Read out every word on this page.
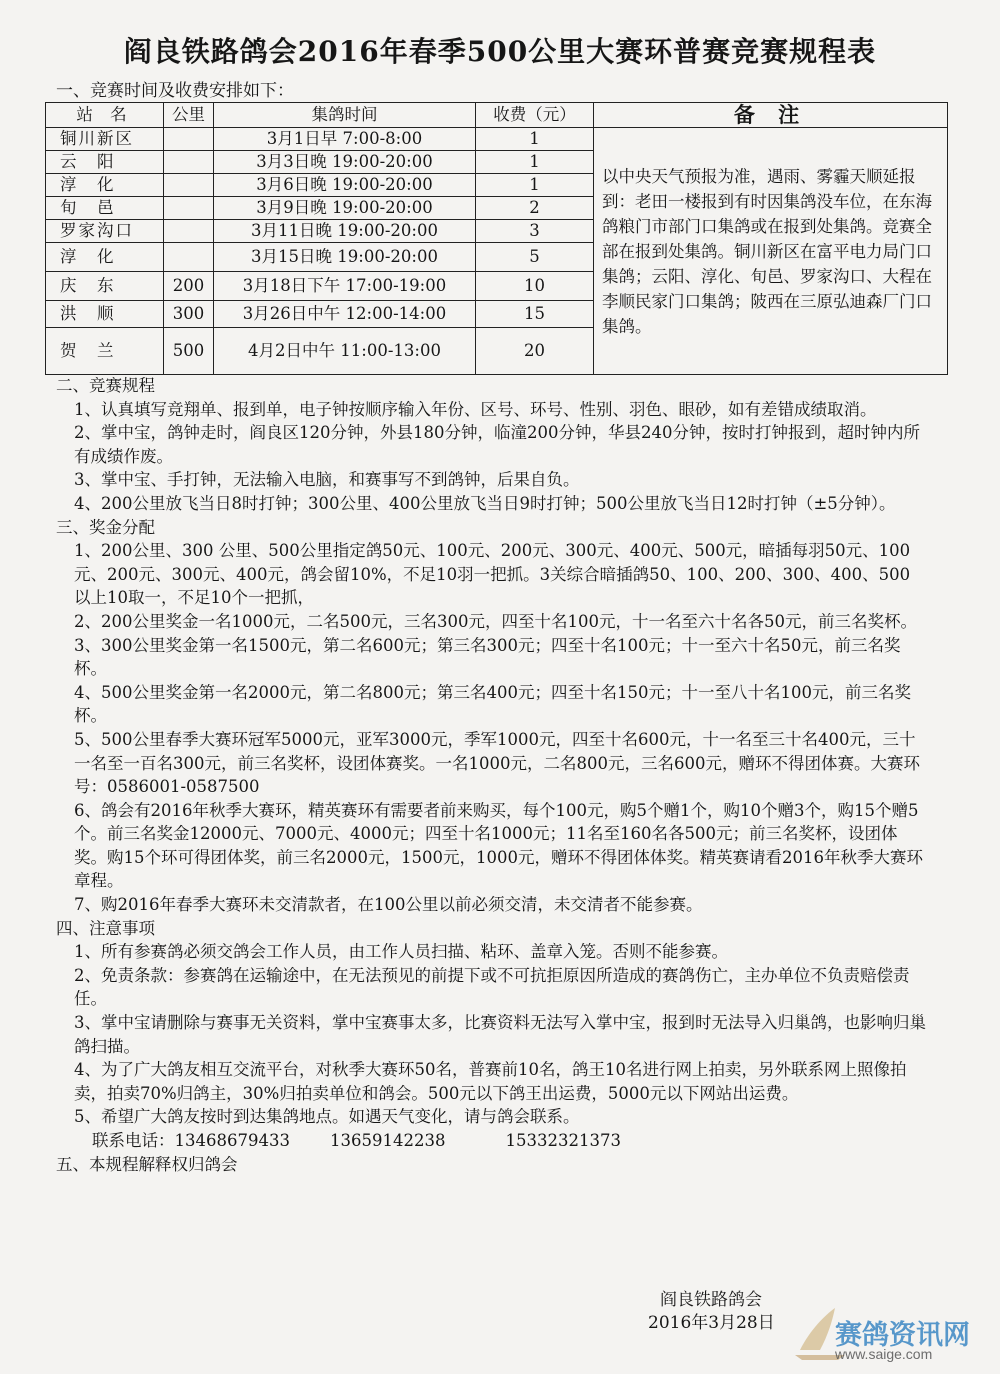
阎良铁路鸽会2016年春季500公里大赛环普赛竞赛规程表
一、竞赛时间及收费安排如下：
站 名	公里	集鸽时间	收费（元）	备 注
铜川新区		3月1日早 7:00-8:00	1	以中央天气预报为准，遇雨、雾霾天顺延报到：老田一楼报到有时因集鸽没车位，在东海鸽粮门市部门口集鸽或在报到处集鸽。竞赛全部在报到处集鸽。铜川新区在富平电力局门口集鸽；云阳、淳化、旬邑、罗家沟口、大程在李顺民家门口集鸽；陂西在三原弘迪森厂门口集鸽。
云　阳		3月3日晚 19:00-20:00	1	
淳　化		3月6日晚 19:00-20:00	1	
旬　邑		3月9日晚 19:00-20:00	2	
罗家沟口		3月11日晚 19:00-20:00	3	
淳　化		3月15日晚 19:00-20:00	5	
庆　东	200	3月18日下午 17:00-19:00	10	
洪　顺	300	3月26日中午 12:00-14:00	15	
贺　兰	500	4月2日中午 11:00-13:00	20	

二、竞赛规程

1、认真填写竞翔单、报到单，电子钟按顺序输入年份、区号、环号、性别、羽色、眼砂，如有差错成绩取消。

2、掌中宝，鸽钟走时，阎良区120分钟，外县180分钟，临潼200分钟，华县240分钟，按时打钟报到，超时钟内所有成绩作废。

3、掌中宝、手打钟，无法输入电脑，和赛事写不到鸽钟，后果自负。

4、200公里放飞当日8时打钟；300公里、400公里放飞当日9时打钟；500公里放飞当日12时打钟（±5分钟）。

三、奖金分配

1、200公里、300 公里、500公里指定鸽50元、100元、200元、300元、400元、500元，暗插每羽50元、100元、200元、300元、400元，鸽会留10%，不足10羽一把抓。3关综合暗插鸽50、100、200、300、400、500以上10取一，不足10个一把抓，

2、200公里奖金一名1000元，二名500元，三名300元，四至十名100元，十一名至六十名各50元，前三名奖杯。

3、300公里奖金第一名1500元，第二名600元；第三名300元；四至十名100元；十一至六十名50元，前三名奖杯。

4、500公里奖金第一名2000元，第二名800元；第三名400元；四至十名150元；十一至八十名100元，前三名奖杯。

5、500公里春季大赛环冠军5000元，亚军3000元，季军1000元，四至十名600元，十一名至三十名400元，三十一名至一百名300元，前三名奖杯，设团体赛奖。一名1000元，二名800元，三名600元，赠环不得团体赛。大赛环号：0586001-0587500

6、鸽会有2016年秋季大赛环，精英赛环有需要者前来购买，每个100元，购5个赠1个，购10个赠3个，购15个赠5个。前三名奖金12000元、7000元、4000元；四至十名1000元；11名至160名各500元；前三名奖杯，设团体奖。购15个环可得团体奖，前三名2000元，1500元，1000元，赠环不得团体体奖。精英赛请看2016年秋季大赛环章程。

7、购2016年春季大赛环未交清款者，在100公里以前必须交清，未交清者不能参赛。

四、注意事项

1、所有参赛鸽必须交鸽会工作人员，由工作人员扫描、粘环、盖章入笼。否则不能参赛。

2、免责条款：参赛鸽在运输途中，在无法预见的前提下或不可抗拒原因所造成的赛鸽伤亡，主办单位不负责赔偿责任。

3、掌中宝请删除与赛事无关资料，掌中宝赛事太多，比赛资料无法写入掌中宝，报到时无法导入归巢鸽，也影响归巢鸽扫描。

4、为了广大鸽友相互交流平台，对秋季大赛环50名，普赛前10名，鸽王10名进行网上拍卖，另外联系网上照像拍卖，拍卖70%归鸽主，30%归拍卖单位和鸽会。500元以下鸽王出运费，5000元以下网站出运费。

5、希望广大鸽友按时到达集鸽地点。如遇天气变化，请与鸽会联系。

联系电话：13468679433 13659142238	15332321373

五、本规程解释权归鸽会

阎良铁路鸽会
2016年3月28日 赛鸽资讯网
www.saige.com
